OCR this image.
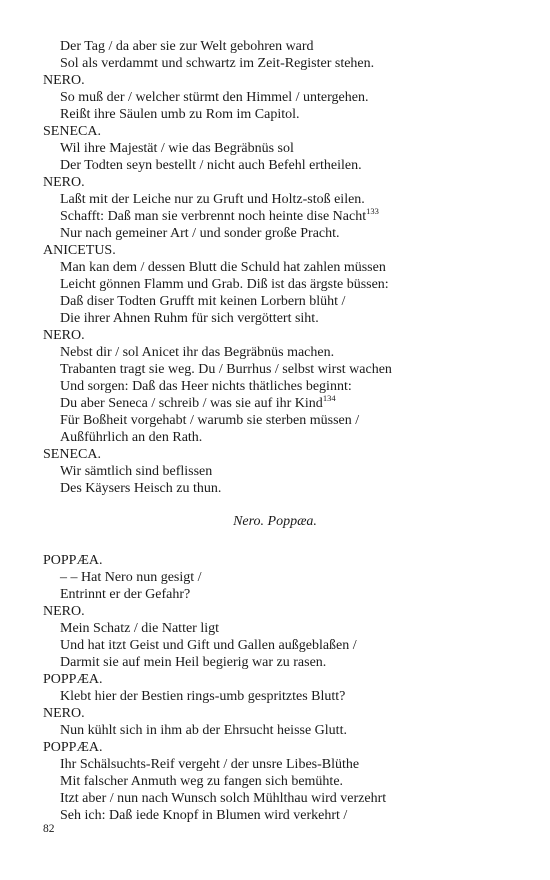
Der Tag / da aber sie zur Welt gebohren ward
Sol als verdammt und schwartz im Zeit-Register stehen.
NERO.
So muß der / welcher stürmt den Himmel / untergehen.
Reißt ihre Säulen umb zu Rom im Capitol.
SENECA.
Wil ihre Majestät / wie das Begräbnüs sol
Der Todten seyn bestellt / nicht auch Befehl ertheilen.
NERO.
Laßt mit der Leiche nur zu Gruft und Holtz-stoß eilen.
Schafft: Daß man sie verbrennt noch heinte dise Nacht$^{133}$
Nur nach gemeiner Art / und sonder große Pracht.
ANICETUS.
Man kan dem / dessen Blutt die Schuld hat zahlen müssen
Leicht gönnen Flamm und Grab. Diß ist das ärgste büssen:
Daß diser Todten Grufft mit keinen Lorbern blüht /
Die ihrer Ahnen Ruhm für sich vergöttert siht.
NERO.
Nebst dir / sol Anicet ihr das Begräbnüs machen.
Trabanten tragt sie weg. Du / Burrhus / selbst wirst wachen
Und sorgen: Daß das Heer nichts thätliches beginnt:
Du aber Seneca / schreib / was sie auf ihr Kind$^{134}$
Für Boßheit vorgehabt / warumb sie sterben müssen /
Außführlich an den Rath.
SENECA.
Wir sämtlich sind beflissen
Des Käysers Heisch zu thun.
Nero. Poppæa.
POPPÆA.
– – Hat Nero nun gesigt /
Entrinnt er der Gefahr?
NERO.
Mein Schatz / die Natter ligt
Und hat itzt Geist und Gift und Gallen außgeblaßen /
Darmit sie auf mein Heil begierig war zu rasen.
POPPÆA.
Klebt hier der Bestien rings-umb gespritztes Blutt?
NERO.
Nun kühlt sich in ihm ab der Ehrsucht heisse Glutt.
POPPÆA.
Ihr Schälsuchts-Reif vergeht / der unsre Libes-Blüthe
Mit falscher Anmuth weg zu fangen sich bemühte.
Itzt aber / nun nach Wunsch solch Mühlthau wird verzehrt
Seh ich: Daß iede Knopf in Blumen wird verkehrt /
82
